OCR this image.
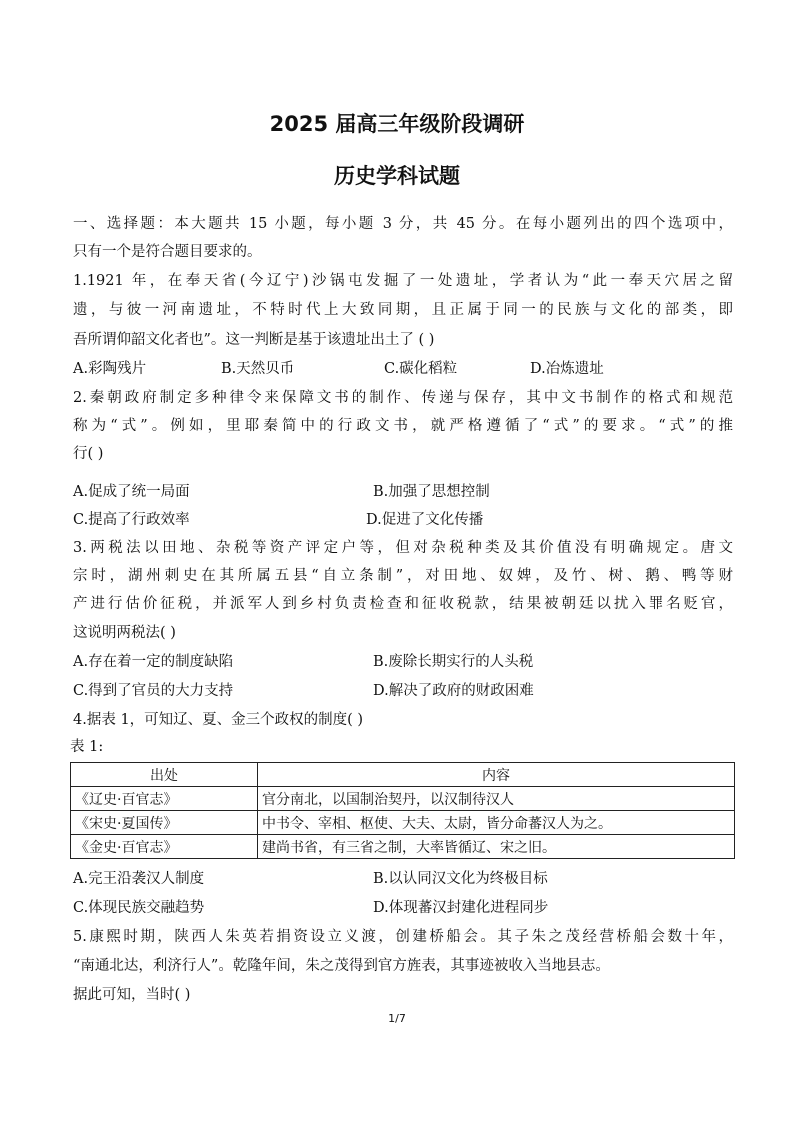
2025 届高三年级阶段调研
历史学科试题
一、选择题：本大题共 15 小题，每小题 3 分，共 45 分。在每小题列出的四个选项中，
只有一个是符合题目要求的。
1.1921 年，在奉天省(今辽宁)沙锅屯发掘了一处遗址，学者认为“此一奉天穴居之留
遗，与彼一河南遗址，不特时代上大致同期，且正属于同一的民族与文化的部类，即
吾所谓仰韶文化者也”。这一判断是基于该遗址出土了 ( )
A.彩陶残片	B.天然贝币	C.碳化稻粒	D.冶炼遗址
2.秦朝政府制定多种律令来保障文书的制作、传递与保存，其中文书制作的格式和规范
称为“式”。例如，里耶秦简中的行政文书，就严格遵循了“式”的要求。“式”的推
行( )
A.促成了统一局面	B.加强了思想控制
C.提高了行政效率	D.促进了文化传播
3.两税法以田地、杂税等资产评定户等，但对杂税种类及其价值没有明确规定。唐文
宗时，湖州刺史在其所属五县“自立条制”，对田地、奴婢，及竹、树、鹅、鸭等财
产进行估价征税，并派军人到乡村负责检查和征收税款，结果被朝廷以扰入罪名贬官，
这说明两税法( )
A.存在着一定的制度缺陷	B.废除长期实行的人头税
C.得到了官员的大力支持	D.解决了政府的财政困难
4.据表 1，可知辽、夏、金三个政权的制度( )
表 1:
出处	内容
《辽史·百官志》	官分南北，以国制治契丹，以汉制待汉人
《宋史·夏国传》	中书令、宰相、枢使、大夫、太尉，皆分命蕃汉人为之。
《金史·百官志》	建尚书省，有三省之制，大率皆循辽、宋之旧。
A.完王沿袭汉人制度	B.以认同汉文化为终极目标
C.体现民族交融趋势	D.体现蕃汉封建化进程同步
5.康熙时期，陕西人朱英若捐资设立义渡，创建桥船会。其子朱之茂经营桥船会数十年，
“南通北达，利济行人”。乾隆年间，朱之茂得到官方旌表，其事迹被收入当地县志。
据此可知，当时( )
1/7
